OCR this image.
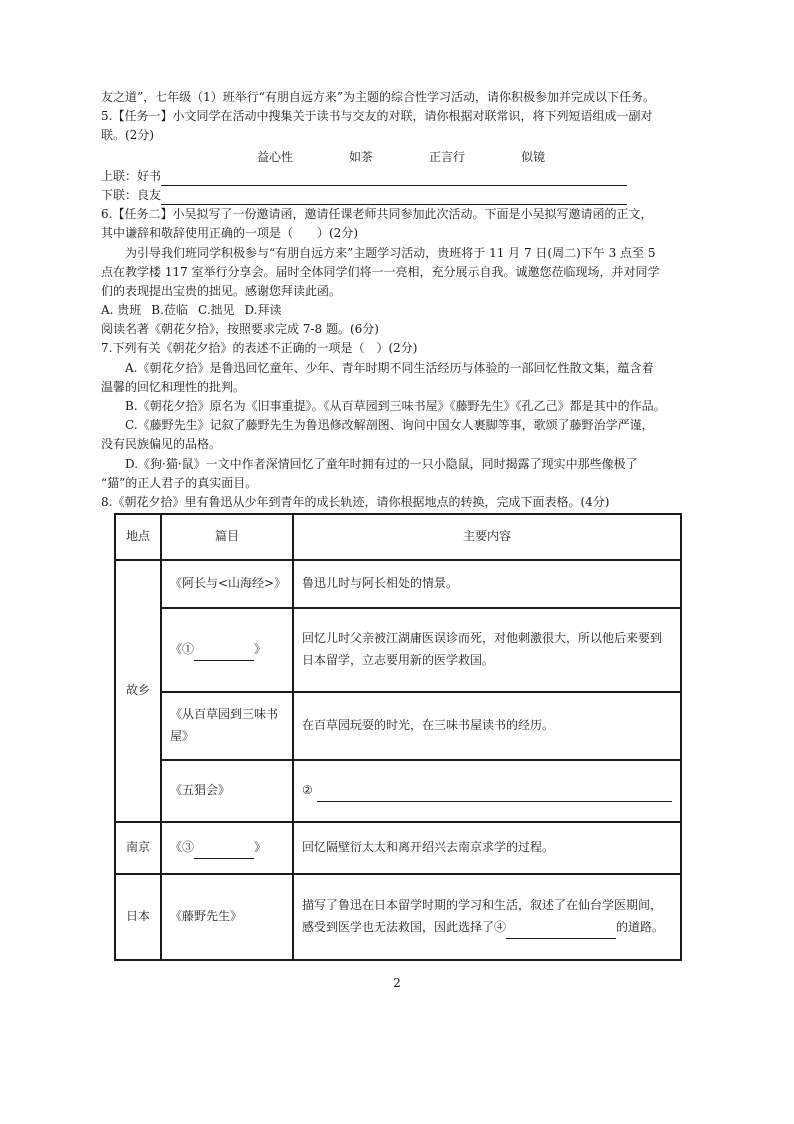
友之道”，七年级（1）班举行“有朋自远方来”为主题的综合性学习活动，请你积极参加并完成以下任务。

5.【任务一】小文同学在活动中搜集关于读书与交友的对联，请你根据对联常识，将下列短语组成一副对

联。(2分)

益心性	如茶	正言行	似镜

上联：好书

下联：良友

6.【任务二】小吴拟写了一份邀请函，邀请任课老师共同参加此次活动。下面是小吴拟写邀请函的正文，

其中谦辞和敬辞使用正确的一项是（　　）(2分)

为引导我们班同学积极参与“有朋自远方来”主题学习活动，贵班将于 11 月 7 日(周二)下午 3 点至 5

点在教学楼 117 室举行分享会。届时全体同学们将一一亮相，充分展示自我。诚邀您莅临现场，并对同学

们的表现提出宝贵的拙见。感谢您拜读此函。

A. 贵班 B.莅临 C.拙见 D.拜读

阅读名著《朝花夕拾》，按照要求完成 7-8 题。(6分)

7.下列有关《朝花夕拾》的表述不正确的一项是（　）(2分)

A.《朝花夕拾》是鲁迅回忆童年、少年、青年时期不同生活经历与体验的一部回忆性散文集，蕴含着

温馨的回忆和理性的批判。

B.《朝花夕拾》原名为《旧事重提》。《从百草园到三味书屋》《藤野先生》《孔乙己》都是其中的作品。

C.《藤野先生》记叙了藤野先生为鲁迅修改解剖图、询问中国女人裹脚等事，歌颂了藤野治学严谨，

没有民族偏见的品格。

D.《狗·猫·鼠》一文中作者深情回忆了童年时拥有过的一只小隐鼠，同时揭露了现实中那些像极了

“猫”的正人君子的真实面目。

8.《朝花夕拾》里有鲁迅从少年到青年的成长轨迹，请你根据地点的转换，完成下面表格。(4分)

地点	篇目	主要内容
故乡	《阿长与<山海经>》	鲁迅儿时与阿长相处的情景。
	《① 》	回忆儿时父亲被江湖庸医误诊而死，对他刺激很大，所以他后来要到日本留学，立志要用新的医学救国。
	《从百草园到三味书屋》	在百草园玩耍的时光，在三味书屋读书的经历。
	《五猖会》	②
南京	《③ 》	回忆隔壁衍太太和离开绍兴去南京求学的过程。
日本	《藤野先生》	描写了鲁迅在日本留学时期的学习和生活，叙述了在仙台学医期间，感受到医学也无法救国，因此选择了④ 的道路。
2
